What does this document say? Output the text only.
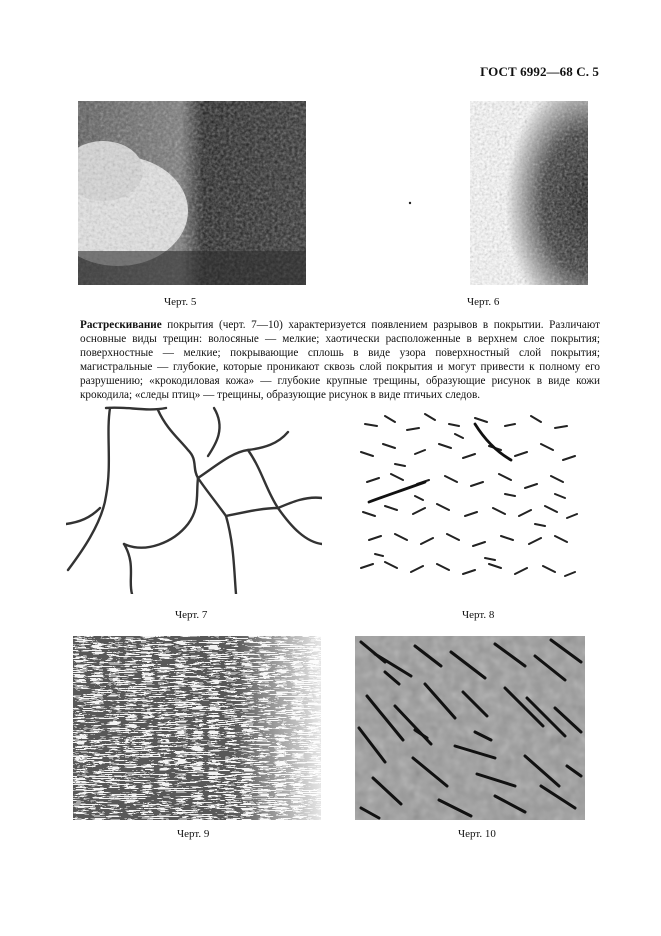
ГОСТ 6992—68 С. 5
Черт. 5	Черт. 6
Растрескивание покрытия (черт. 7—10) характеризуется появлением разрывов в покрытии. Различают основные виды трещин: волосяные — мелкие; хаотически расположенные в верхнем слое покрытия; поверхностные — мелкие; покрывающие сплошь в виде узора поверхностный слой покрытия; магистральные — глубокие, которые проникают сквозь слой покрытия и могут привести к полному его разрушению; «крокодиловая кожа» — глубокие крупные трещины, образующие рисунок в виде кожи крокодила; «следы птиц» — трещины, образующие рисунок в виде птичьих следов.
Черт. 7	Черт. 8
Черт. 9	Черт. 10
